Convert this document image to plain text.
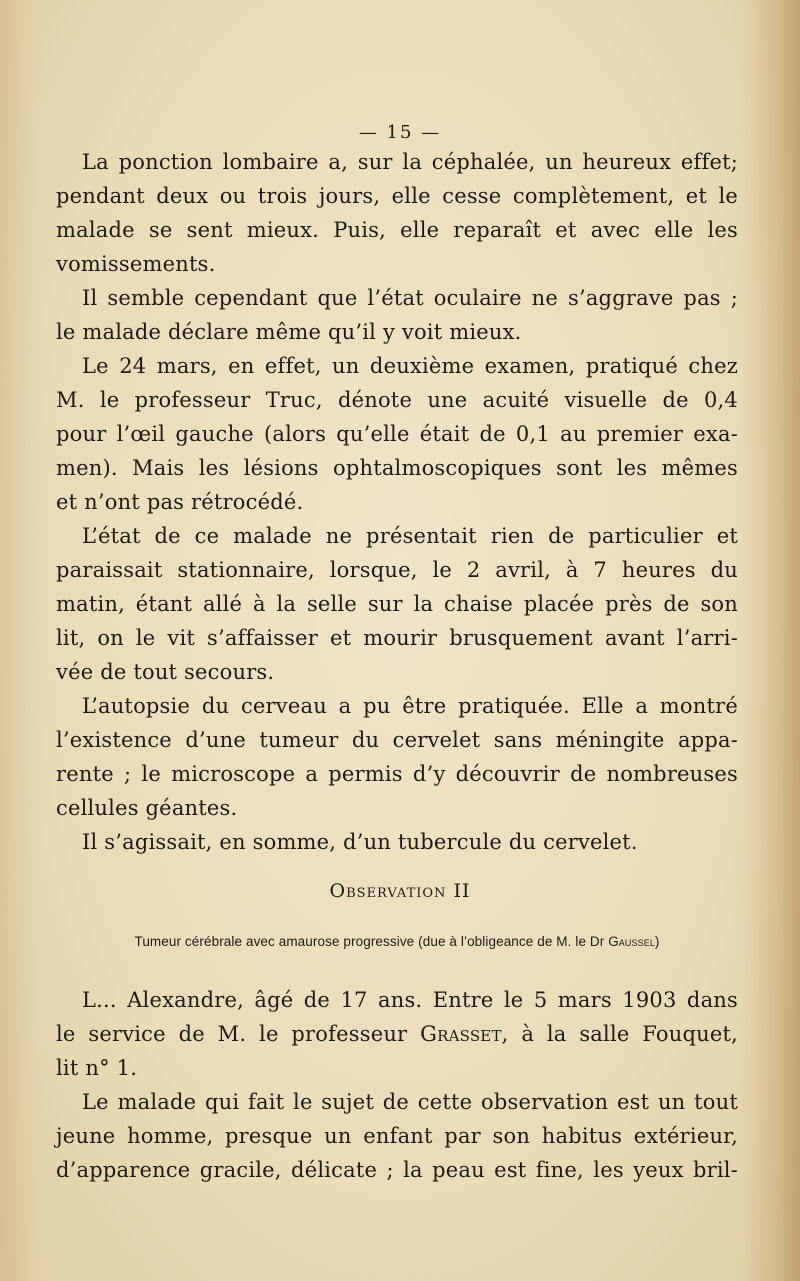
— 15 —
La ponction lombaire a, sur la céphalée, un heureux effet;
pendant deux ou trois jours, elle cesse complètement, et le
malade se sent mieux. Puis, elle reparaît et avec elle les
vomissements.
Il semble cependant que l’état oculaire ne s’aggrave pas ;
le malade déclare même qu’il y voit mieux.
Le 24 mars, en effet, un deuxième examen, pratiqué chez
M. le professeur Truc, dénote une acuité visuelle de 0,4
pour l’œil gauche (alors qu’elle était de 0,1 au premier exa-
men). Mais les lésions ophtalmoscopiques sont les mêmes
et n’ont pas rétrocédé.
L’état de ce malade ne présentait rien de particulier et
paraissait stationnaire, lorsque, le 2 avril, à 7 heures du
matin, étant allé à la selle sur la chaise placée près de son
lit, on le vit s’affaisser et mourir brusquement avant l’arri-
vée de tout secours.
L’autopsie du cerveau a pu être pratiquée. Elle a montré
l’existence d’une tumeur du cervelet sans méningite appa-
rente ; le microscope a permis d’y découvrir de nombreuses
cellules géantes.
Il s’agissait, en somme, d’un tubercule du cervelet.
Observation II
Tumeur cérébrale avec amaurose progressive (due à l’obligeance de M. le Dr Gaussel)
L... Alexandre, âgé de 17 ans. Entre le 5 mars 1903 dans
le service de M. le professeur Grasset, à la salle Fouquet,
lit n° 1.
Le malade qui fait le sujet de cette observation est un tout
jeune homme, presque un enfant par son habitus extérieur,
d’apparence gracile, délicate ; la peau est fine, les yeux bril-
